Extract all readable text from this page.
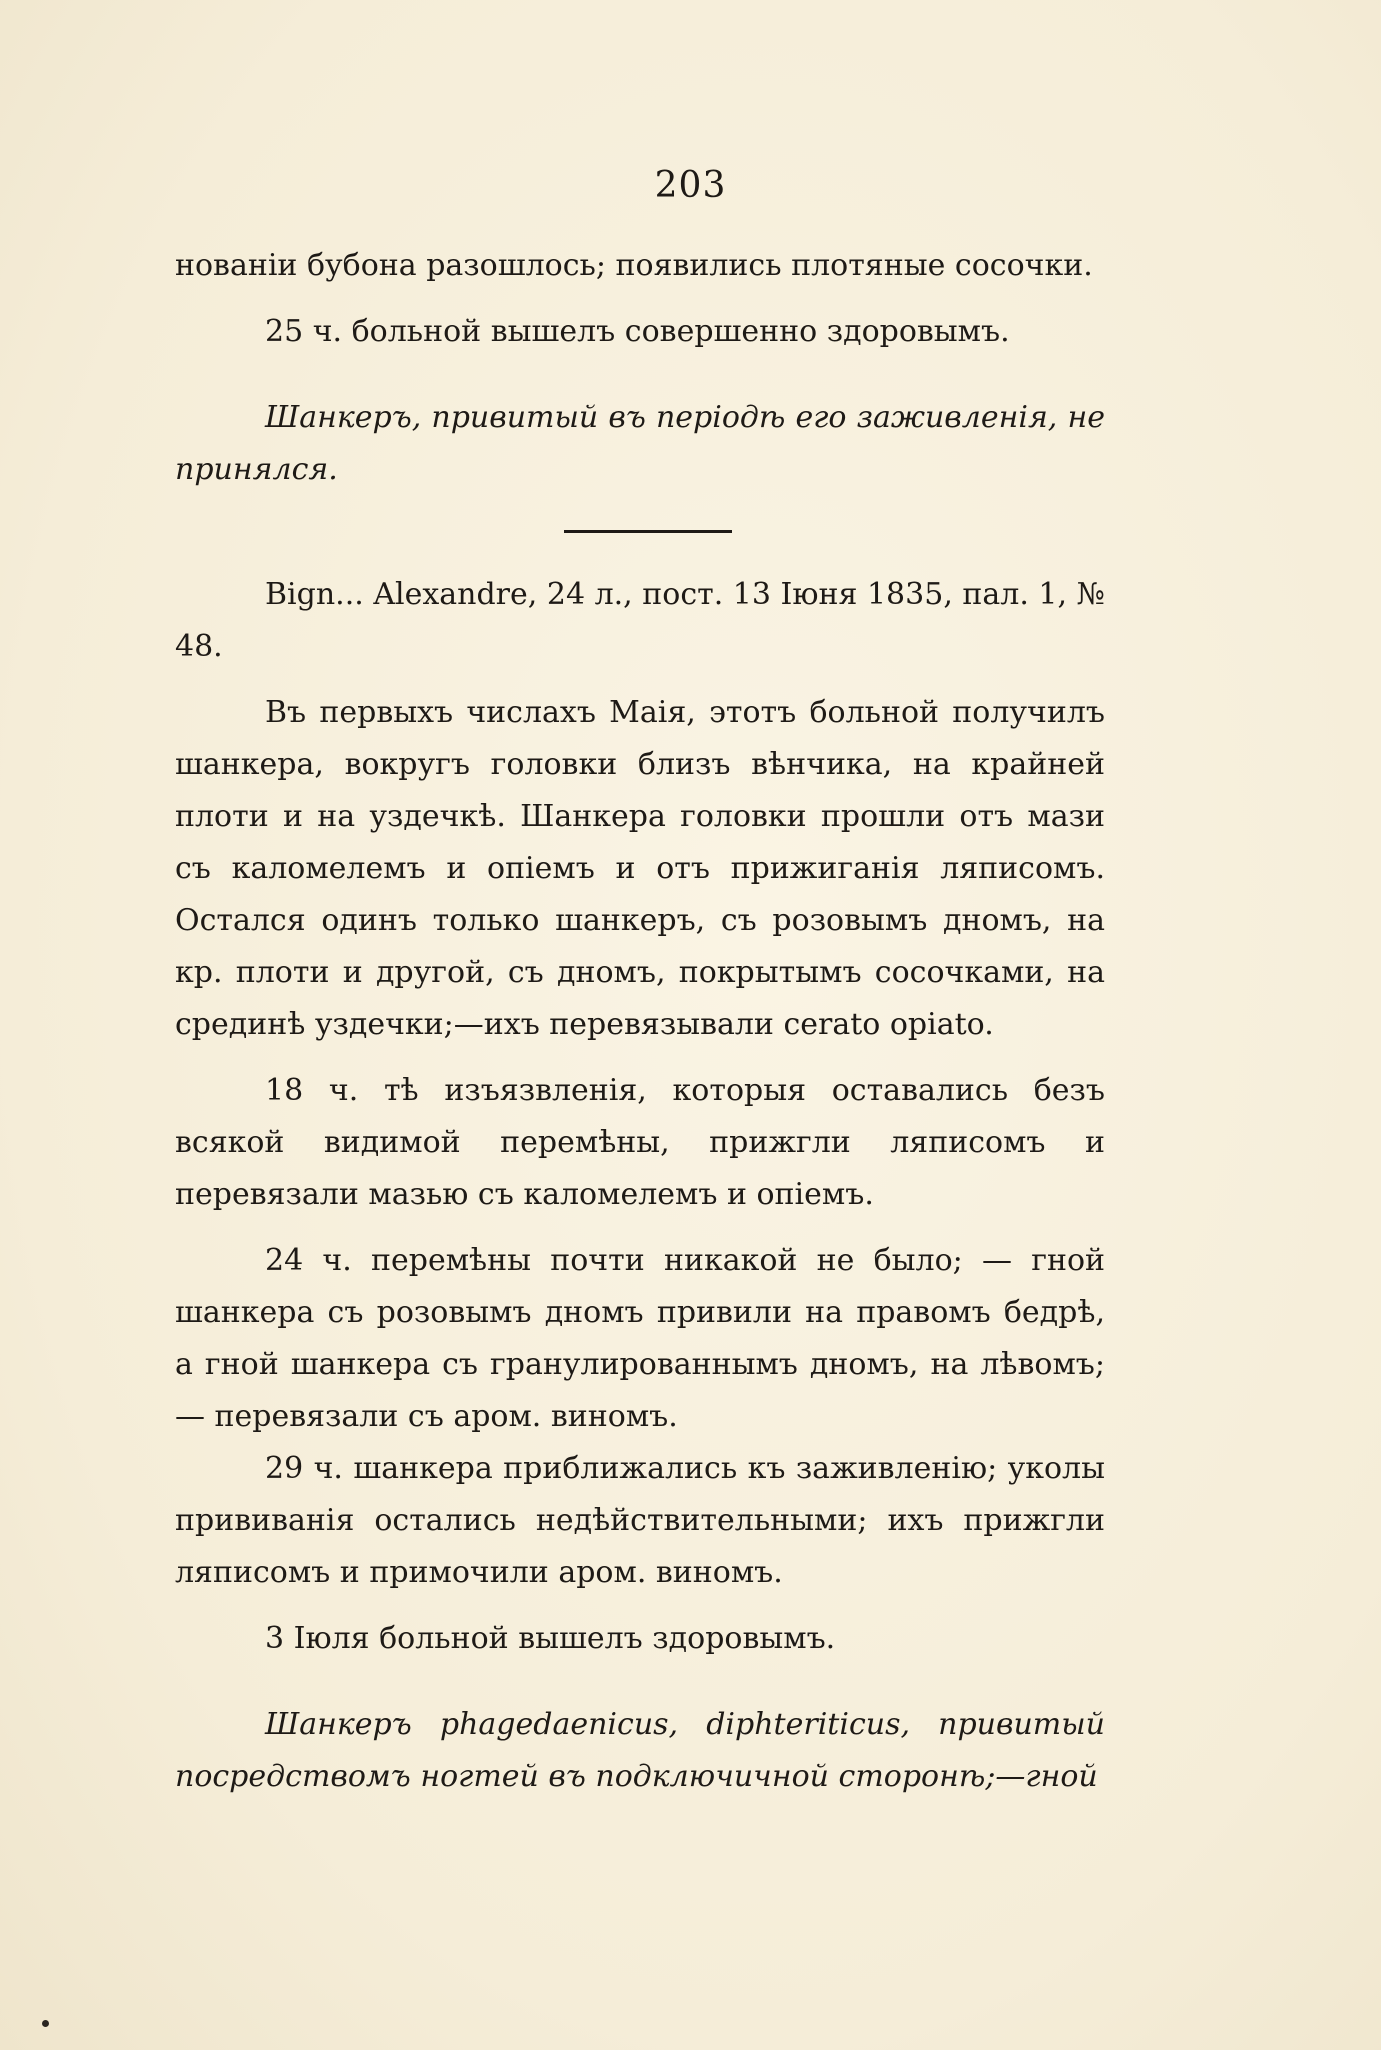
203

нованіи бубона разошлось; появились плотяные сосочки.

25 ч. больной вышелъ совершенно здоровымъ.

Шанкеръ, привитый въ періодѣ его заживленія, не принялся.

Bign... Alexandre, 24 л., пост. 13 Іюня 1835, пал. 1, № 48.

Въ первыхъ числахъ Маія, этотъ больной получилъ шанкера, вокругъ головки близъ вѣнчика, на крайней плоти и на уздечкѣ. Шанкера головки прошли отъ мази съ каломелемъ и опіемъ и отъ прижиганія ляписомъ. Остался одинъ только шанкеръ, съ розовымъ дномъ, на кр. плоти и другой, съ дномъ, покрытымъ сосочками, на срединѣ уздечки;—ихъ перевязывали cerato opiato.

18 ч. тѣ изъязвленія, которыя оставались безъ всякой видимой перемѣны, прижгли ляписомъ и перевязали мазью съ каломелемъ и опіемъ.

24 ч. перемѣны почти никакой не было; — гной шанкера съ розовымъ дномъ привили на правомъ бедрѣ, а гной шанкера съ гранулированнымъ дномъ, на лѣвомъ; — перевязали съ аром. виномъ.

29 ч. шанкера приближались къ заживленію; уколы прививанія остались недѣйствительными; ихъ прижгли ляписомъ и примочили аром. виномъ.

3 Іюля больной вышелъ здоровымъ.

Шанкеръ phagedaenicus, diphteriticus, привитый посредствомъ ногтей въ подключичной сторонѣ;—гной
